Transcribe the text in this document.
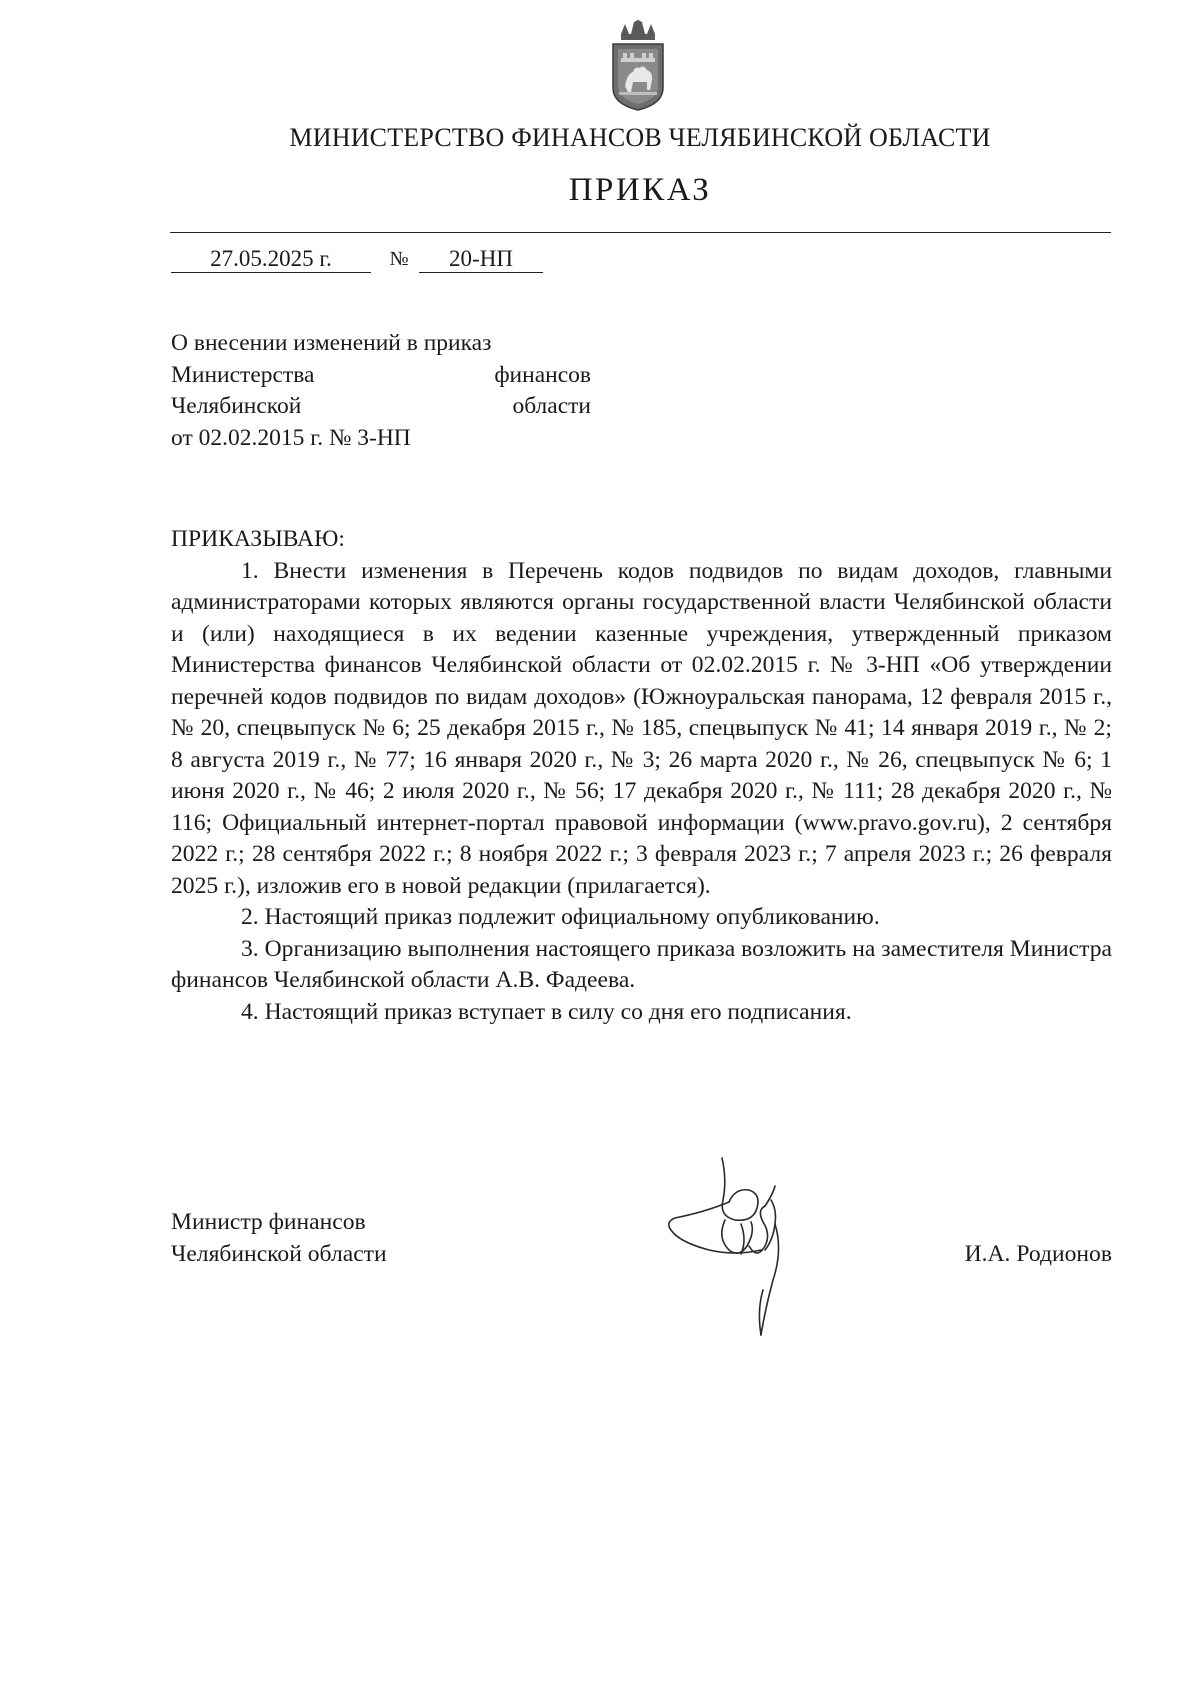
МИНИСТЕРСТВО ФИНАНСОВ ЧЕЛЯБИНСКОЙ ОБЛАСТИ
ПРИКАЗ
27.05.2025 г.	№	20-НП
О внесении изменений в приказ
Министерства	финансов
Челябинской	области
от 02.02.2015 г. № 3-НП

ПРИКАЗЫВАЮ:

1. Внести изменения в Перечень кодов подвидов по видам доходов, главными администраторами которых являются органы государственной власти Челябинской области и (или) находящиеся в их ведении казенные учреждения, утвержденный приказом Министерства финансов Челябинской области от 02.02.2015 г. № 3-НП «Об утверждении перечней кодов подвидов по видам доходов» (Южноуральская панорама, 12 февраля 2015 г., № 20, спецвыпуск № 6; 25 декабря 2015 г., № 185, спецвыпуск № 41; 14 января 2019 г., № 2; 8 августа 2019 г., № 77; 16 января 2020 г., № 3; 26 марта 2020 г., № 26, спецвыпуск № 6; 1 июня 2020 г., № 46; 2 июля 2020 г., № 56; 17 декабря 2020 г., № 111; 28 декабря 2020 г., № 116; Официальный интернет-портал правовой информации (www.pravo.gov.ru), 2 сентября 2022 г.; 28 сентября 2022 г.; 8 ноября 2022 г.; 3 февраля 2023 г.; 7 апреля 2023 г.; 26 февраля 2025 г.), изложив его в новой редакции (прилагается).

2. Настоящий приказ подлежит официальному опубликованию.

3. Организацию выполнения настоящего приказа возложить на заместителя Министра финансов Челябинской области А.В. Фадеева.

4. Настоящий приказ вступает в силу со дня его подписания.

Министр финансов
Челябинской области	И.А. Родионов
